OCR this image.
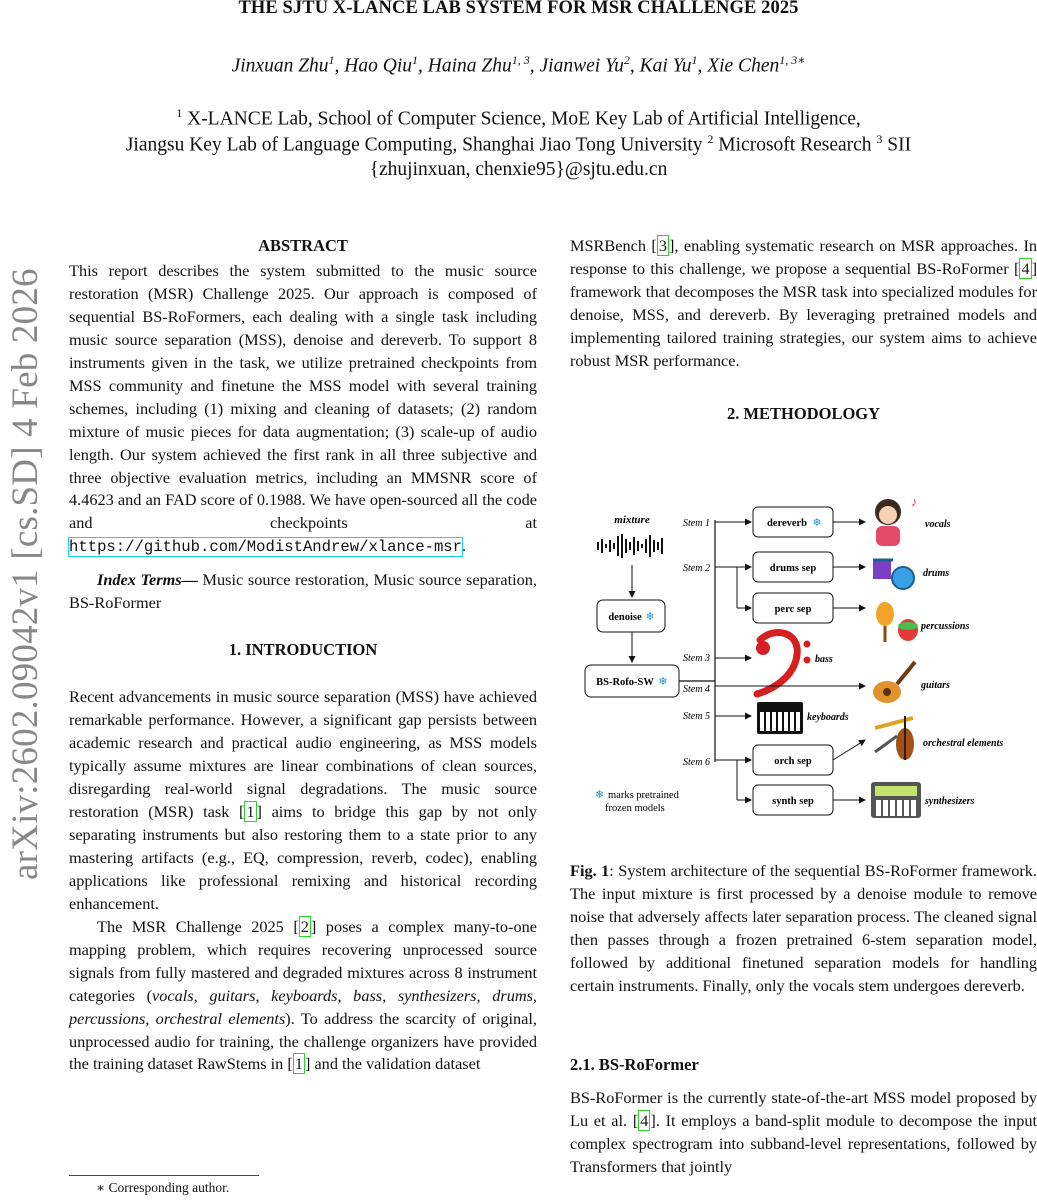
THE SJTU X-LANCE LAB SYSTEM FOR MSR CHALLENGE 2025
Jinxuan Zhu$^1$, Hao Qiu$^1$, Haina Zhu$^{1, 3}$, Jianwei Yu$^2$, Kai Yu$^1$, Xie Chen$^{1, 3∗}$
$^1$ X-LANCE Lab, School of Computer Science, MoE Key Lab of Artificial Intelligence,
Jiangsu Key Lab of Language Computing, Shanghai Jiao Tong University $^2$ Microsoft Research $^3$ SII
{zhujinxuan, chenxie95}@sjtu.edu.cn
arXiv:2602.09042v1 [cs.SD] 4 Feb 2026

ABSTRACT

This report describes the system submitted to the music source restoration (MSR) Challenge 2025. Our approach is composed of sequential BS-RoFormers, each dealing with a single task including music source separation (MSS), denoise and dereverb. To support 8 instruments given in the task, we utilize pretrained checkpoints from MSS community and finetune the MSS model with several training schemes, including (1) mixing and cleaning of datasets; (2) random mixture of music pieces for data augmentation; (3) scale-up of audio length. Our system achieved the first rank in all three subjective and three objective evaluation metrics, including an MMSNR score of 4.4623 and an FAD score of 0.1988. We have open-sourced all the code and checkpoints at https://github.com/ModistAndrew/xlance-msr.

Index Terms— Music source restoration, Music source separation, BS-RoFormer

1. INTRODUCTION

Recent advancements in music source separation (MSS) have achieved remarkable performance. However, a significant gap persists between academic research and practical audio engineering, as MSS models typically assume mixtures are linear combinations of clean sources, disregarding real-world signal degradations. The music source restoration (MSR) task [ 1 ] aims to bridge this gap by not only separating instruments but also restoring them to a state prior to any mastering artifacts (e.g., EQ, compression, reverb, codec), enabling applications like professional remixing and historical recording enhancement.

The MSR Challenge 2025 [ 2 ] poses a complex many-to-one mapping problem, which requires recovering unprocessed source signals from fully mastered and degraded mixtures across 8 instrument categories (vocals, guitars, keyboards, bass, synthesizers, drums, percussions, orchestral elements). To address the scarcity of original, unprocessed audio for training, the challenge organizers have provided the training dataset RawStems in [ 1 ] and the validation dataset

∗ Corresponding author.

MSRBench [ 3 ], enabling systematic research on MSR approaches. In response to this challenge, we propose a sequential BS-RoFormer [ 4 ] framework that decomposes the MSR task into specialized modules for denoise, MSS, and dereverb. By leveraging pretrained models and implementing tailored training strategies, our system aims to achieve robust MSR performance.

2. METHODOLOGY

mixture
denoise ❄
BS-Rofo-SW ❄
Stem 1
Stem 2
Stem 3
Stem 4
Stem 5
Stem 6
dereverb ❄
drums sep
perc sep
bass
keyboards
orch sep
synth sep
♪
vocals
drums
percussions
guitars
orchestral elements
synthesizers
❄ marks pretrained
frozen models

Fig. 1: System architecture of the sequential BS-RoFormer framework. The input mixture is first processed by a denoise module to remove noise that adversely affects later separation process. The cleaned signal then passes through a frozen pretrained 6-stem separation model, followed by additional finetuned separation models for handling certain instruments. Finally, only the vocals stem undergoes dereverb.

2.1. BS-RoFormer

BS-RoFormer is the currently state-of-the-art MSS model proposed by Lu et al. [ 4 ]. It employs a band-split module to decompose the input complex spectrogram into subband-level representations, followed by Transformers that jointly
